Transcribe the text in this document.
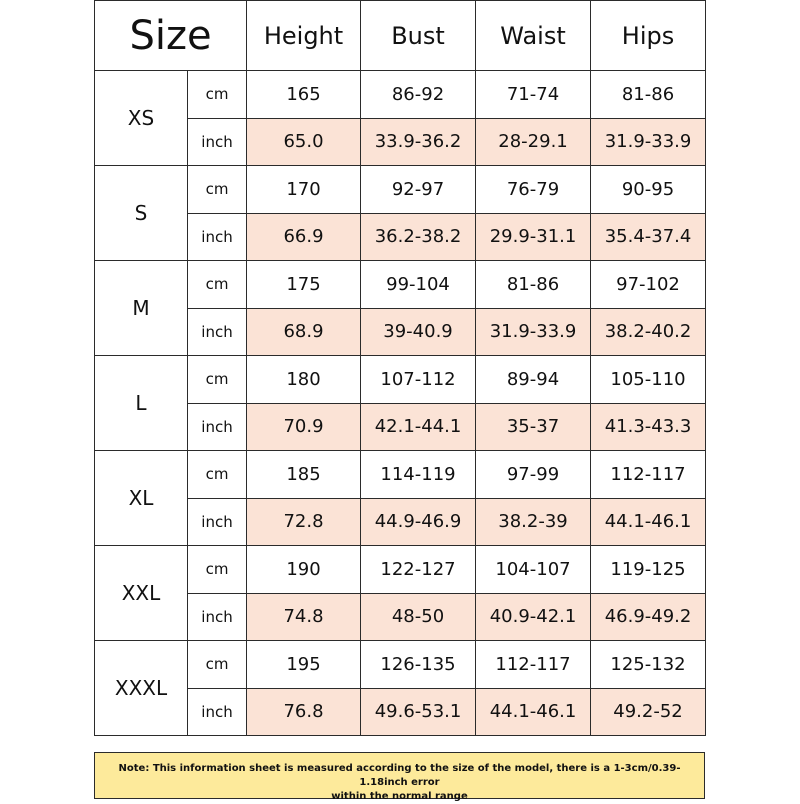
Size		Height	Bust	Waist	Hips
XS	cm	165	86-92	71-74	81-86
	inch	65.0	33.9-36.2	28-29.1	31.9-33.9
S	cm	170	92-97	76-79	90-95
	inch	66.9	36.2-38.2	29.9-31.1	35.4-37.4
M	cm	175	99-104	81-86	97-102
	inch	68.9	39-40.9	31.9-33.9	38.2-40.2
L	cm	180	107-112	89-94	105-110
	inch	70.9	42.1-44.1	35-37	41.3-43.3
XL	cm	185	114-119	97-99	112-117
	inch	72.8	44.9-46.9	38.2-39	44.1-46.1
XXL	cm	190	122-127	104-107	119-125
	inch	74.8	48-50	40.9-42.1	46.9-49.2
XXXL	cm	195	126-135	112-117	125-132
	inch	76.8	49.6-53.1	44.1-46.1	49.2-52
Note: This information sheet is measured according to the size of the model, there is a 1-3cm/0.39-1.18inch error
within the normal range
